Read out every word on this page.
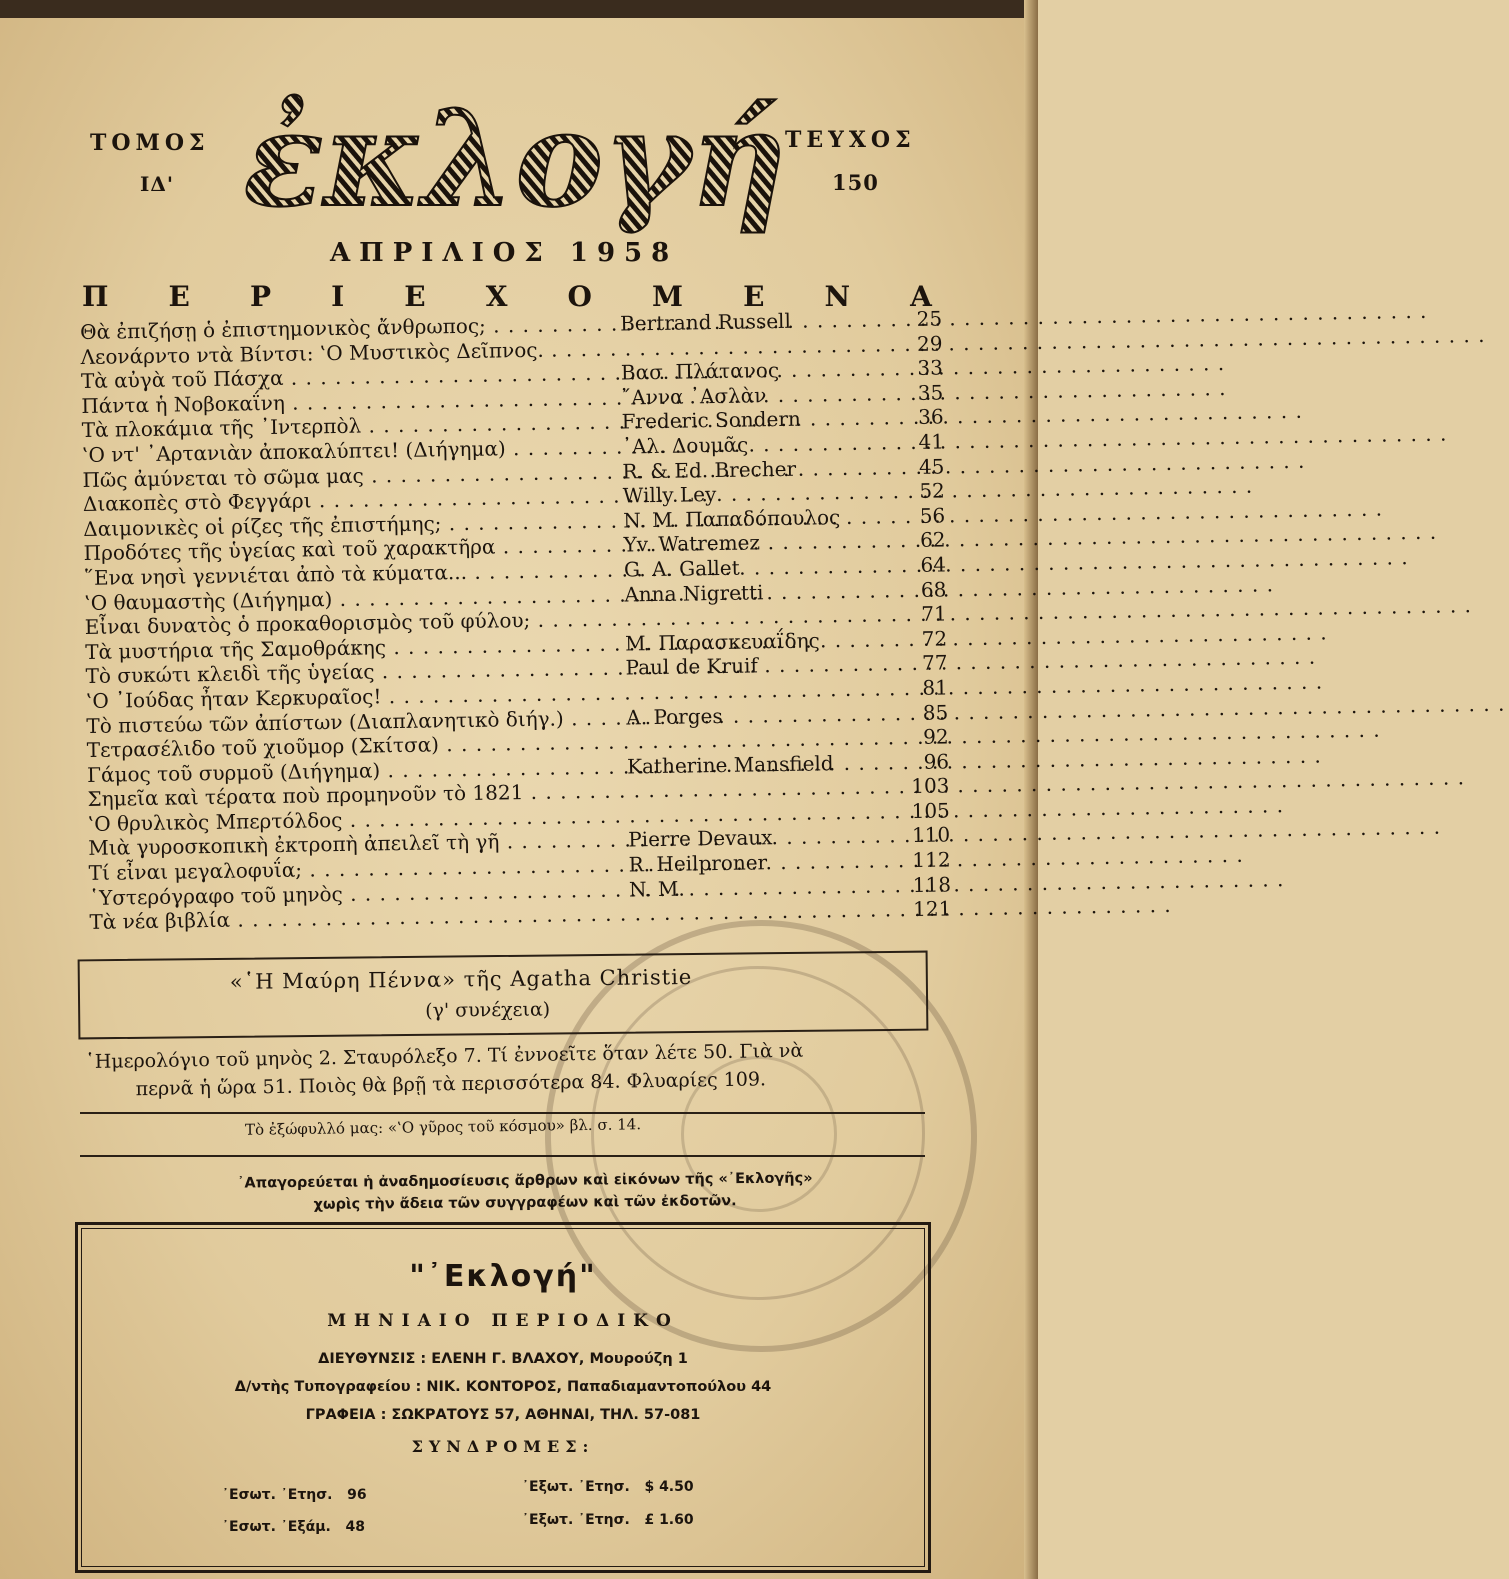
ΤΟΜΟΣ
ΙΔ'
ΤΕΥΧΟΣ
150
ἐκλογή
ΑΠΡΙΛΙΟΣ 1958
Π Ε Ρ Ι Ε Χ Ο Μ Ε Ν Α
Θὰ ἐπιζήσῃ ὁ ἐπιστημονικὸς ἄνθρωπος; . . .	Bertrand Russell	25
Λεονάρντο ντὰ Βίντσι: ‛Ο Μυστικὸς Δεῖπνος. . . .	29
Τὰ αὐγὰ τοῦ Πάσχα . . .	Βασ. Πλάτανος	33
Πάντα ἡ Νοβοκαΐνη . . .	῎Αννα ᾿Ασλὰν	35
Τὰ πλοκάμια τῆς ᾿Ιντερπὸλ . . .	Frederic Sondern	36
‛Ο ντ' ᾿Αρτανιὰν ἀποκαλύπτει! (Διήγημα) . . .	᾿Αλ. Δουμᾶς	41
Πῶς ἀμύνεται τὸ σῶμα μας . . .	R. & Ed. Brecher	45
Διακοπὲς στὸ Φεγγάρι . . .	Willy Ley	52
Δαιμονικὲς οἱ ρίζες τῆς ἐπιστήμης; . . .	N. M. Παπαδόπουλος	56
Προδότες τῆς ὑγείας καὶ τοῦ χαρακτῆρα . . .	Yv. Watremez	62
῞Ενα νησὶ γεννιέται ἀπὸ τὰ κύματα... . . .	G. A. Gallet	64
‛Ο θαυμαστὴς (Διήγημα) . . .	Anna Nigretti	68
Εἶναι δυνατὸς ὁ προκαθορισμὸς τοῦ φύλου; . . .	71
Τὰ μυστήρια τῆς Σαμοθράκης . . .	Μ. Παρασκευαΐδης	72
Τὸ συκώτι κλειδὶ τῆς ὑγείας . . .	Paul de Kruif	77
‛Ο ᾿Ιούδας ἦταν Κερκυραῖος! . . .	81
Τὸ πιστεύω τῶν ἀπίστων (Διαπλανητικὸ διήγ.) . . .	A. Porges	85
Τετρασέλιδο τοῦ χιοῦμορ (Σκίτσα) . . .	92
Γάμος τοῦ συρμοῦ (Διήγημα) . . .	Katherine Mansfield	96
Σημεῖα καὶ τέρατα ποὺ προμηνοῦν τὸ 1821 . . .	103
‛Ο θρυλικὸς Μπερτόλδος . . .	105
Μιὰ γυροσκοπικὴ ἐκτροπὴ ἀπειλεῖ τὴ γῆ . . .	Pierre Devaux	110
Τί εἶναι μεγαλοφυΐα; . . .	R. Heilproner	112
῾Υστερόγραφο τοῦ μηνὸς . . .	N. M.	118
Τὰ νέα βιβλία . . .	121
«῾Η Μαύρη Πέννα» τῆς Agatha Christie
(γ' συνέχεια)
῾Ημερολόγιο τοῦ μηνὸς 2. Σταυρόλεξο 7. Τί ἐννοεῖτε ὅταν λέτε 50. Γιὰ νὰ
περνᾶ ἡ ὥρα 51. Ποιὸς θὰ βρῇ τὰ περισσότερα 84. Φλυαρίες 109.
Τὸ ἐξώφυλλό μας: «‛Ο γῦρος τοῦ κόσμου» βλ. σ. 14.
᾿Απαγορεύεται ἡ ἀναδημοσίευσις ἄρθρων καὶ εἰκόνων τῆς «᾿Εκλογῆς»
χωρὶς τὴν ἄδεια τῶν συγγραφέων καὶ τῶν ἐκδοτῶν.
"᾿Εκλογή"
ΜΗΝΙΑΙΟ ΠΕΡΙΟΔΙΚΟ
ΔΙΕΥΘΥΝΣΙΣ : ΕΛΕΝΗ Γ. ΒΛΑΧΟΥ, Μουρούζη 1
Δ/ντὴς Τυπογραφείου : ΝΙΚ. ΚΟΝΤΟΡΟΣ, Παπαδιαμαντοπούλου 44
ΓΡΑΦΕΙΑ : ΣΩΚΡΑΤΟΥΣ 57, ΑΘΗΝΑΙ, ΤΗΛ. 57-081
ΣΥΝΔΡΟΜΕΣ:
᾿Εσωτ. ᾿Ετησ. 96
᾿Εσωτ. ᾿Εξάμ. 48
᾿Εξωτ. ᾿Ετησ. $ 4.50
᾿Εξωτ. ᾿Ετησ. £ 1.60
